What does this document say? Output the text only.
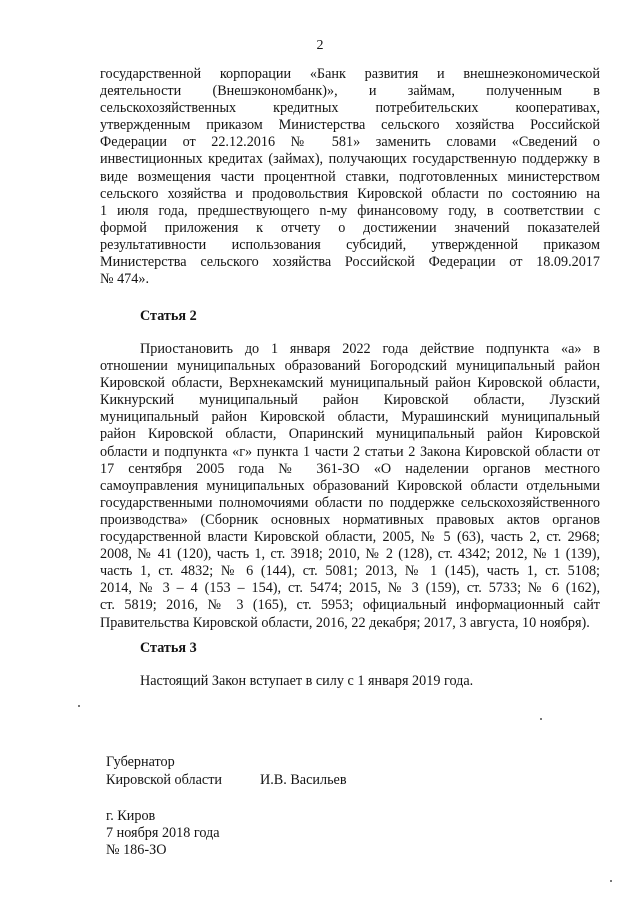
2
государственной корпорации «Банк развития и внешнеэкономической
деятельности (Внешэкономбанк)», и займам, полученным в
сельскохозяйственных кредитных потребительских кооперативах,
утвержденным приказом Министерства сельского хозяйства Российской
Федерации от 22.12.2016 № 581» заменить словами «Сведений о
инвестиционных кредитах (займах), получающих государственную поддержку в
виде возмещения части процентной ставки, подготовленных министерством
сельского хозяйства и продовольствия Кировской области по состоянию на
1 июля года, предшествующего n-му финансовому году, в соответствии с
формой приложения к отчету о достижении значений показателей
результативности использования субсидий, утвержденной приказом
Министерства сельского хозяйства Российской Федерации от 18.09.2017
№ 474».
Статья 2
Приостановить до 1 января 2022 года действие подпункта «а» в
отношении муниципальных образований Богородский муниципальный район
Кировской области, Верхнекамский муниципальный район Кировской области,
Кикнурский муниципальный район Кировской области, Лузский
муниципальный район Кировской области, Мурашинский муниципальный
район Кировской области, Опаринский муниципальный район Кировской
области и подпункта «г» пункта 1 части 2 статьи 2 Закона Кировской области от
17 сентября 2005 года № 361-ЗО «О наделении органов местного
самоуправления муниципальных образований Кировской области отдельными
государственными полномочиями области по поддержке сельскохозяйственного
производства» (Сборник основных нормативных правовых актов органов
государственной власти Кировской области, 2005, № 5 (63), часть 2, ст. 2968;
2008, № 41 (120), часть 1, ст. 3918; 2010, № 2 (128), ст. 4342; 2012, № 1 (139),
часть 1, ст. 4832; № 6 (144), ст. 5081; 2013, № 1 (145), часть 1, ст. 5108;
2014, № 3 – 4 (153 – 154), ст. 5474; 2015, № 3 (159), ст. 5733; № 6 (162),
ст. 5819; 2016, № 3 (165), ст. 5953; официальный информационный сайт
Правительства Кировской области, 2016, 22 декабря; 2017, 3 августа, 10 ноября).
Статья 3
Настоящий Закон вступает в силу с 1 января 2019 года.
Губернатор
Кировской области	И.В. Васильев
г. Киров
7 ноября 2018 года
№ 186-ЗО
